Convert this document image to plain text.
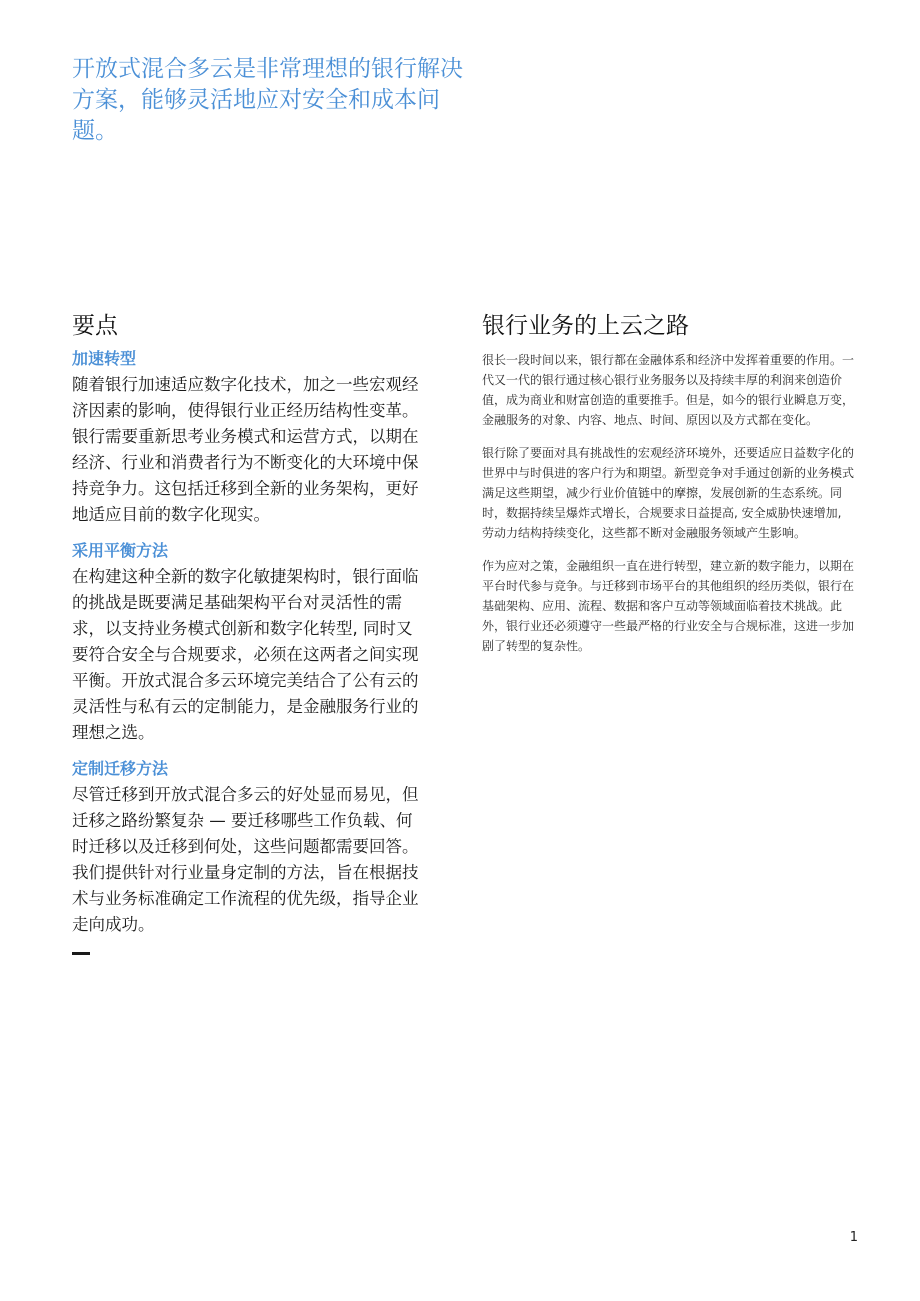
开放式混合多云是非常理想的银行解决方案，能够灵活地应对安全和成本问题。
要点
加速转型

随着银行加速适应数字化技术，加之一些宏观经济因素的影响，使得银行业正经历结构性变革。银行需要重新思考业务模式和运营方式，以期在经济、行业和消费者行为不断变化的大环境中保持竞争力。这包括迁移到全新的业务架构，更好地适应目前的数字化现实。

采用平衡方法

在构建这种全新的数字化敏捷架构时，银行面临的挑战是既要满足基础架构平台对灵活性的需求，以支持业务模式创新和数字化转型, 同时又要符合安全与合规要求，必须在这两者之间实现平衡。开放式混合多云环境完美结合了公有云的灵活性与私有云的定制能力，是金融服务行业的理想之选。

定制迁移方法

尽管迁移到开放式混合多云的好处显而易见，但迁移之路纷繁复杂 — 要迁移哪些工作负载、何时迁移以及迁移到何处，这些问题都需要回答。我们提供针对行业量身定制的方法，旨在根据技术与业务标准确定工作流程的优先级，指导企业走向成功。

银行业务的上云之路

很长一段时间以来，银行都在金融体系和经济中发挥着重要的作用。一代又一代的银行通过核心银行业务服务以及持续丰厚的利润来创造价值，成为商业和财富创造的重要推手。但是，如今的银行业瞬息万变，金融服务的对象、内容、地点、时间、原因以及方式都在变化。

银行除了要面对具有挑战性的宏观经济环境外，还要适应日益数字化的世界中与时俱进的客户行为和期望。新型竞争对手通过创新的业务模式满足这些期望，减少行业价值链中的摩擦，发展创新的生态系统。同时，数据持续呈爆炸式增长，合规要求日益提高, 安全威胁快速增加, 劳动力结构持续变化，这些都不断对金融服务领域产生影响。

作为应对之策，金融组织一直在进行转型，建立新的数字能力，以期在平台时代参与竞争。与迁移到市场平台的其他组织的经历类似，银行在基础架构、应用、流程、数据和客户互动等领域面临着技术挑战。此外，银行业还必须遵守一些最严格的行业安全与合规标准，这进一步加剧了转型的复杂性。

1
